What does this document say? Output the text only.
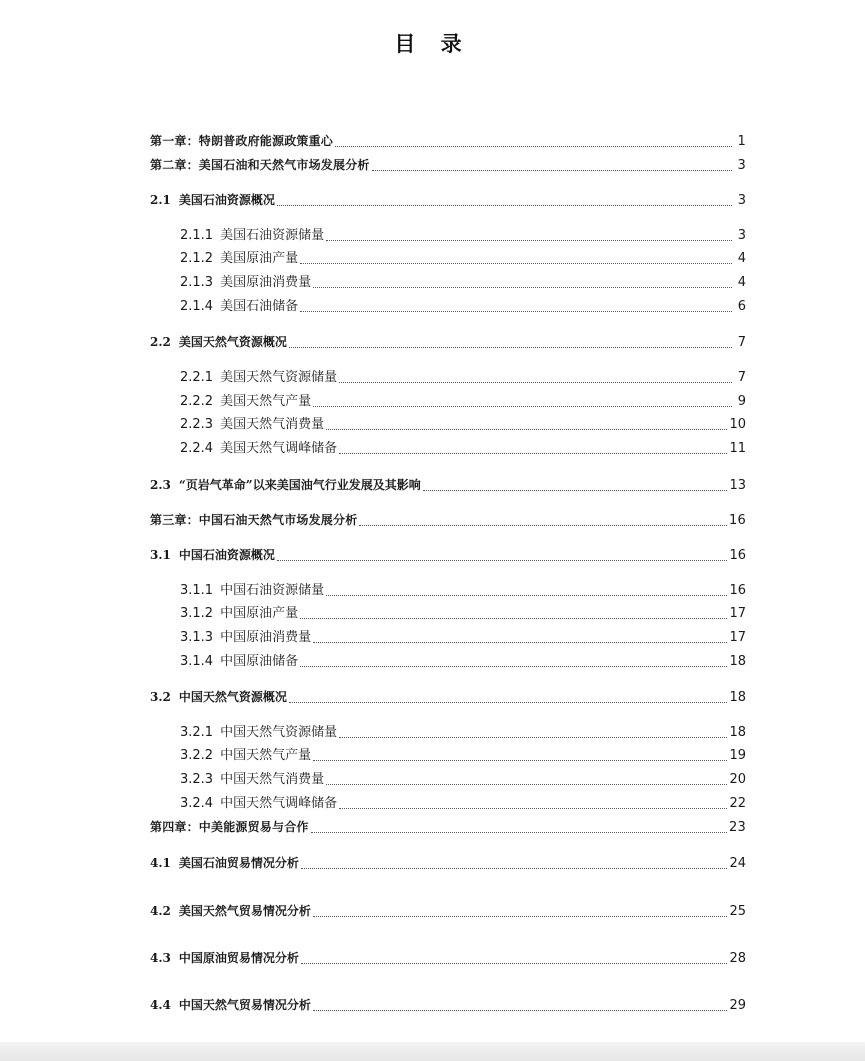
目 录
第一章：特朗普政府能源政策重心	1
第二章：美国石油和天然气市场发展分析	3
2.1 美国石油资源概况	3
2.1.1 美国石油资源储量	3
2.1.2 美国原油产量	4
2.1.3 美国原油消费量	4
2.1.4 美国石油储备	6
2.2 美国天然气资源概况	7
2.2.1 美国天然气资源储量	7
2.2.2 美国天然气产量	9
2.2.3 美国天然气消费量	10
2.2.4 美国天然气调峰储备	11
2.3 “页岩气革命”以来美国油气行业发展及其影响	13
第三章：中国石油天然气市场发展分析	16
3.1 中国石油资源概况	16
3.1.1 中国石油资源储量	16
3.1.2 中国原油产量	17
3.1.3 中国原油消费量	17
3.1.4 中国原油储备	18
3.2 中国天然气资源概况	18
3.2.1 中国天然气资源储量	18
3.2.2 中国天然气产量	19
3.2.3 中国天然气消费量	20
3.2.4 中国天然气调峰储备	22
第四章：中美能源贸易与合作	23
4.1 美国石油贸易情况分析	24
4.2 美国天然气贸易情况分析	25
4.3 中国原油贸易情况分析	28
4.4 中国天然气贸易情况分析	29
